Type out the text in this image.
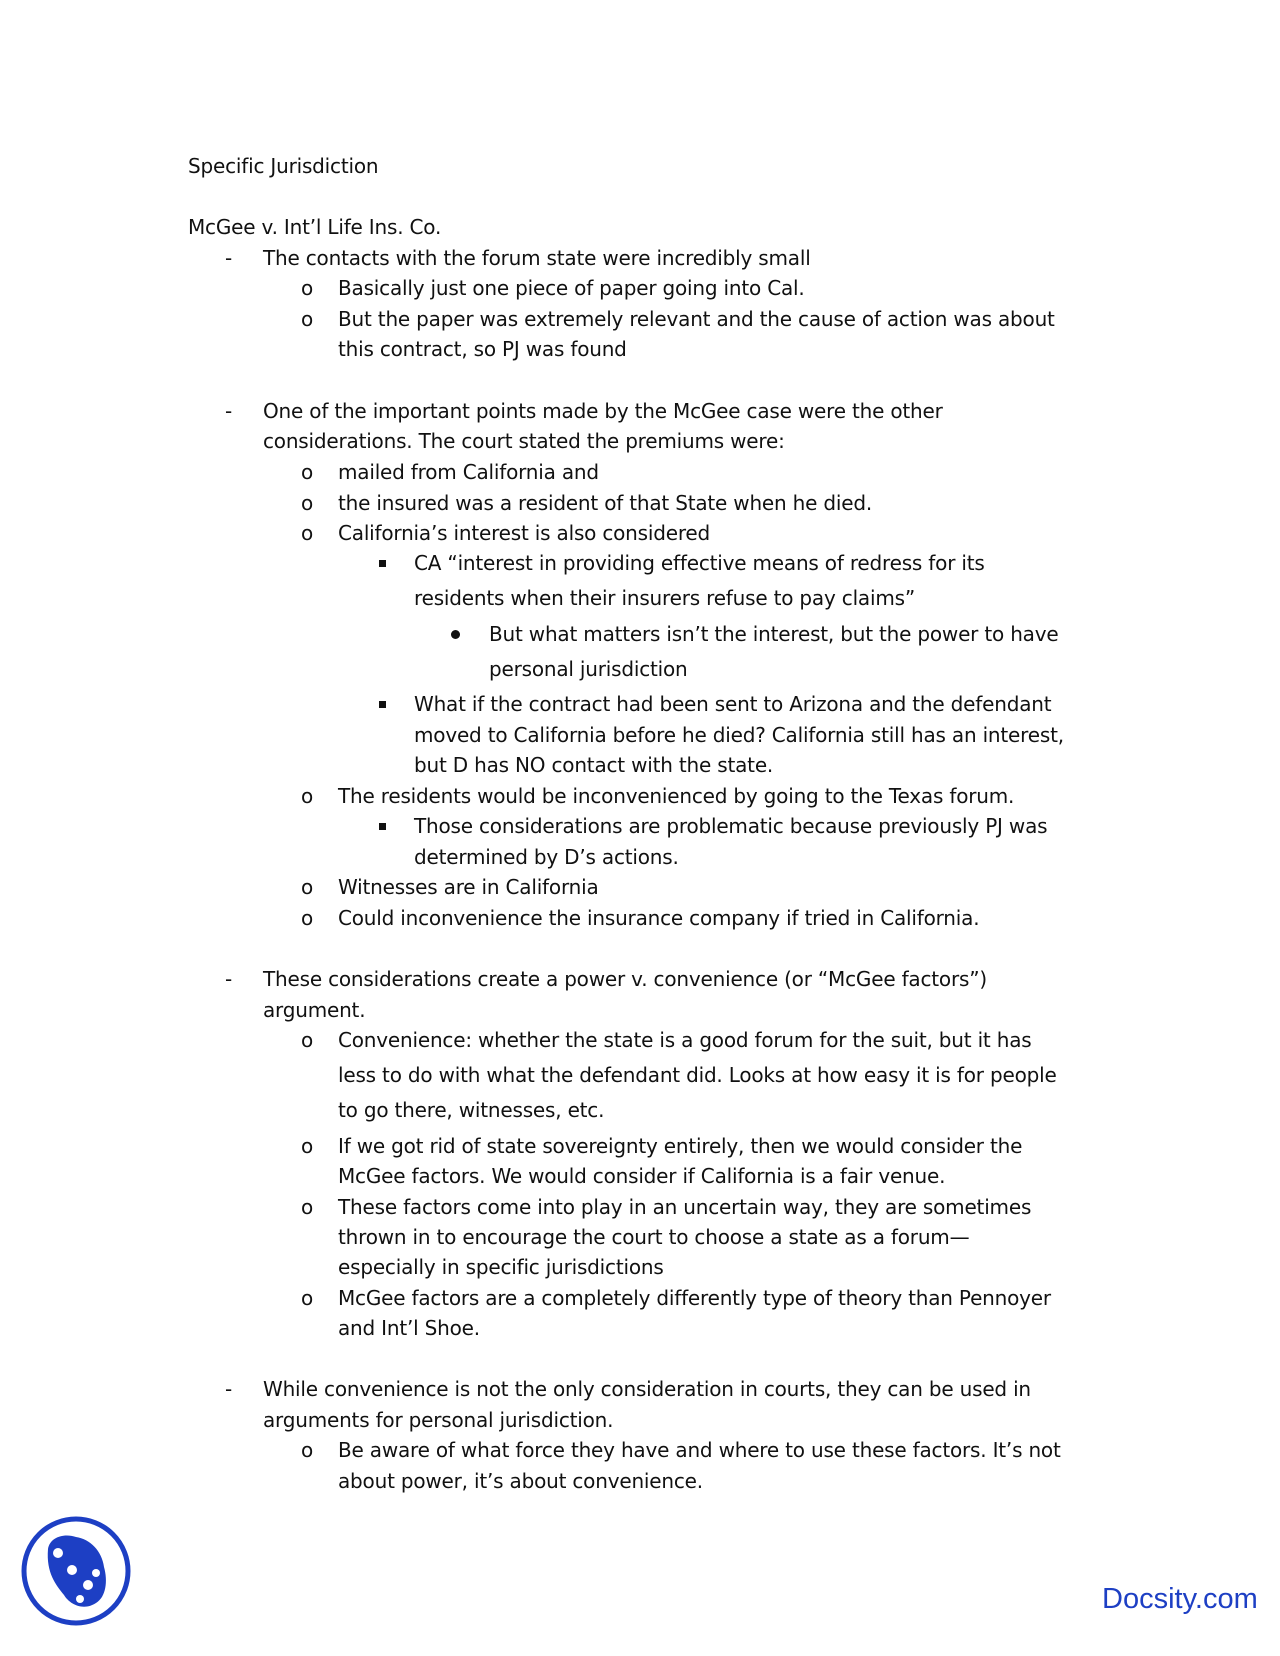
Specific Jurisdiction
McGee v. Int’l Life Ins. Co.
- The contacts with the forum state were incredibly small
o Basically just one piece of paper going into Cal.
o But the paper was extremely relevant and the cause of action was about
this contract, so PJ was found
- One of the important points made by the McGee case were the other
considerations. The court stated the premiums were:
o mailed from California and
o the insured was a resident of that State when he died.
o California’s interest is also considered
CA “interest in providing effective means of redress for its
residents when their insurers refuse to pay claims”
But what matters isn’t the interest, but the power to have
personal jurisdiction
What if the contract had been sent to Arizona and the defendant
moved to California before he died? California still has an interest,
but D has NO contact with the state.
o The residents would be inconvenienced by going to the Texas forum.
Those considerations are problematic because previously PJ was
determined by D’s actions.
o Witnesses are in California
o Could inconvenience the insurance company if tried in California.
- These considerations create a power v. convenience (or “McGee factors”)
argument.
o Convenience: whether the state is a good forum for the suit, but it has
less to do with what the defendant did. Looks at how easy it is for people
to go there, witnesses, etc.
o If we got rid of state sovereignty entirely, then we would consider the
McGee factors. We would consider if California is a fair venue.
o These factors come into play in an uncertain way, they are sometimes
thrown in to encourage the court to choose a state as a forum—
especially in specific jurisdictions
o McGee factors are a completely differently type of theory than Pennoyer
and Int’l Shoe.
- While convenience is not the only consideration in courts, they can be used in
arguments for personal jurisdiction.
o Be aware of what force they have and where to use these factors. It’s not
about power, it’s about convenience.
Docsity.com
